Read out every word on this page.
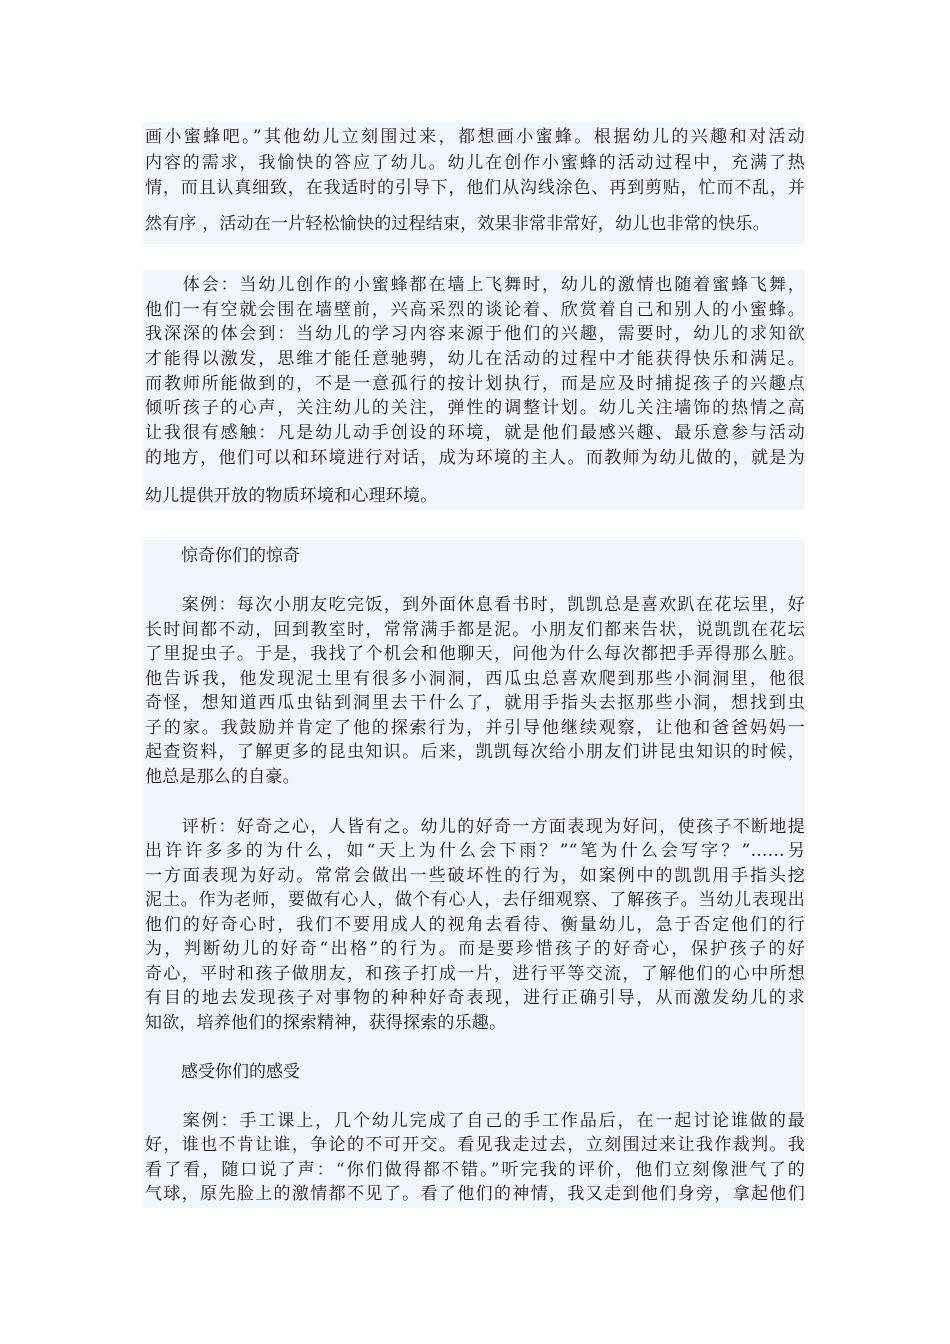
画小蜜蜂吧。”其他幼儿立刻围过来，都想画小蜜蜂。根据幼儿的兴趣和对活动
内容的需求，我愉快的答应了幼儿。幼儿在创作小蜜蜂的活动过程中，充满了热
情，而且认真细致，在我适时的引导下，他们从沟线涂色、再到剪贴，忙而不乱，并
然有序 ，活动在一片轻松愉快的过程结束，效果非常非常好，幼儿也非常的快乐。
　　体会：当幼儿创作的小蜜蜂都在墙上飞舞时，幼儿的激情也随着蜜蜂飞舞，
他们一有空就会围在墙壁前，兴高采烈的谈论着、欣赏着自己和别人的小蜜蜂。
我深深的体会到：当幼儿的学习内容来源于他们的兴趣，需要时，幼儿的求知欲
才能得以激发，思维才能任意驰骋，幼儿在活动的过程中才能获得快乐和满足。
而教师所能做到的，不是一意孤行的按计划执行，而是应及时捕捉孩子的兴趣点
倾听孩子的心声，关注幼儿的关注，弹性的调整计划。幼儿关注墙饰的热情之高
让我很有感触：凡是幼儿动手创设的环境，就是他们最感兴趣、最乐意参与活动
的地方，他们可以和环境进行对话，成为环境的主人。而教师为幼儿做的，就是为
幼儿提供开放的物质环境和心理环境。
惊奇你们的惊奇
　　案例：每次小朋友吃完饭，到外面休息看书时，凯凯总是喜欢趴在花坛里，好
长时间都不动，回到教室时，常常满手都是泥。小朋友们都来告状，说凯凯在花坛
了里捉虫子。于是，我找了个机会和他聊天，问他为什么每次都把手弄得那么脏。
他告诉我，他发现泥土里有很多小洞洞，西瓜虫总喜欢爬到那些小洞洞里，他很
奇怪，想知道西瓜虫钻到洞里去干什么了，就用手指头去抠那些小洞，想找到虫
子的家。我鼓励并肯定了他的探索行为，并引导他继续观察，让他和爸爸妈妈一
起查资料，了解更多的昆虫知识。后来，凯凯每次给小朋友们讲昆虫知识的时候，
他总是那么的自豪。
　　评析：好奇之心，人皆有之。幼儿的好奇一方面表现为好问，使孩子不断地提
出许许多多的为什么，如“天上为什么会下雨？”“笔为什么会写字？”……另
一方面表现为好动。常常会做出一些破坏性的行为，如案例中的凯凯用手指头挖
泥土。作为老师，要做有心人，做个有心人，去仔细观察、了解孩子。当幼儿表现出
他们的好奇心时，我们不要用成人的视角去看待、衡量幼儿，急于否定他们的行
为，判断幼儿的好奇“出格”的行为。而是要珍惜孩子的好奇心，保护孩子的好
奇心，平时和孩子做朋友，和孩子打成一片，进行平等交流，了解他们的心中所想
有目的地去发现孩子对事物的种种好奇表现，进行正确引导，从而激发幼儿的求
知欲，培养他们的探索精神，获得探索的乐趣。
感受你们的感受
　　案例：手工课上，几个幼儿完成了自己的手工作品后，在一起讨论谁做的最
好，谁也不肯让谁，争论的不可开交。看见我走过去，立刻围过来让我作裁判。我
看了看，随口说了声：“你们做得都不错。”听完我的评价，他们立刻像泄气了的
气球，原先脸上的激情都不见了。看了他们的神情，我又走到他们身旁，拿起他们
